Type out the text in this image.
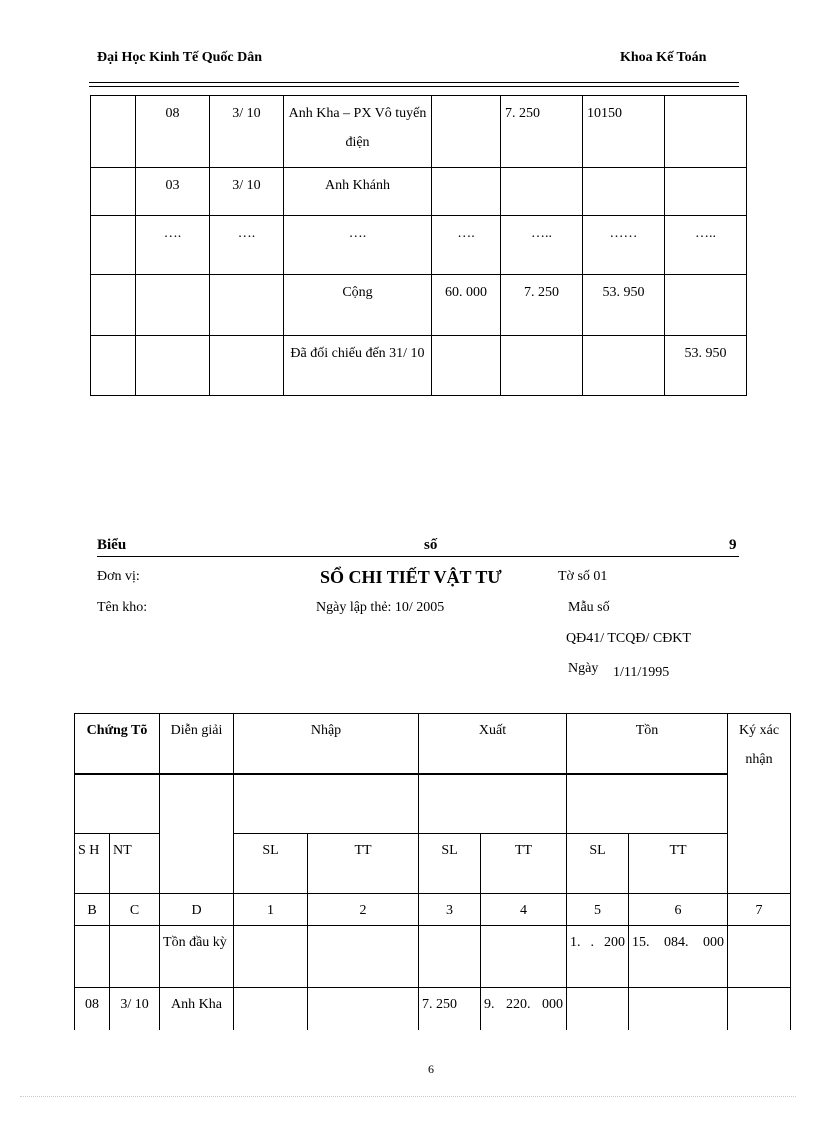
Đại Học Kinh Tế Quốc Dân	Khoa Kế Toán
	08	3/ 10	Anh Kha – PX Vô tuyến điện		7. 250	10150	
	03	3/ 10	Anh Khánh				
	….	….	….	….	…..	……	…..
			Cộng	60. 000	7. 250	53. 950	
			Đã đối chiếu đến 31/ 10				53. 950
Biểu	số	9
Đơn vị:	SỔ CHI TIẾT VẬT TƯ	Tờ số 01
Tên kho:	Ngày lập thẻ: 10/ 2005	Mẫu số
QĐ41/ TCQĐ/ CĐKT
Ngày 1/11/1995
Chứng Tõ		Diễn giải	Nhập		Xuất		Tồn		Ký xác nhận

S H	NT		SL	TT	SL	TT	SL	TT	
B	C	D	1	2	3	4	5	6	7
		Tồn đầu kỳ					1. . 200	15. 084. 000	
08	3/ 10	Anh Kha			7. 250	9. 220. 000			
6
